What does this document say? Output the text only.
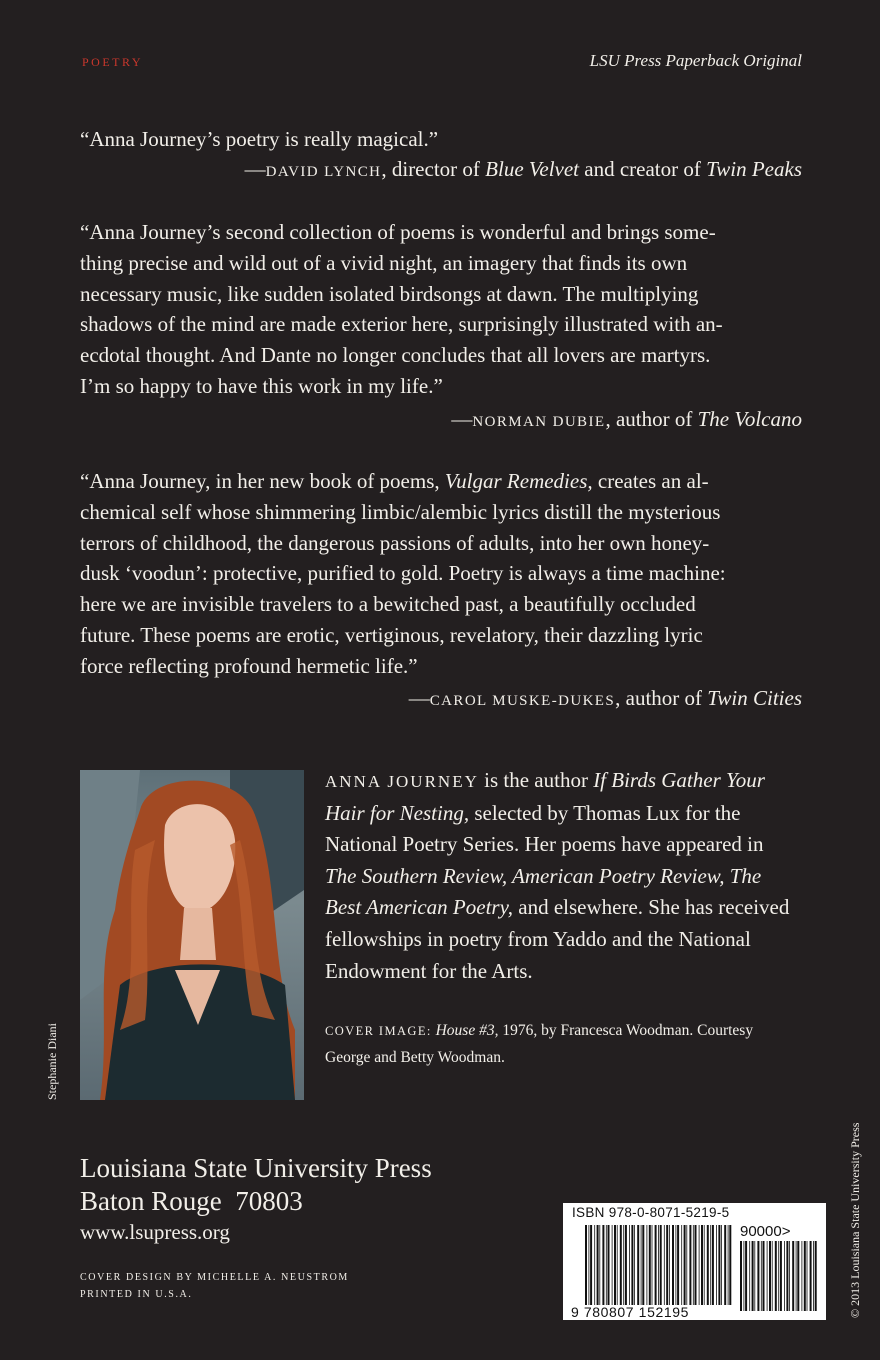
POETRY	LSU Press Paperback Original

“Anna Journey’s poetry is really magical.”

—DAVID LYNCH, director of Blue Velvet and creator of Twin Peaks
“Anna Journey’s second collection of poems is wonderful and brings some-
thing precise and wild out of a vivid night, an imagery that finds its own
necessary music, like sudden isolated birdsongs at dawn. The multiplying
shadows of the mind are made exterior here, surprisingly illustrated with an-
ecdotal thought. And Dante no longer concludes that all lovers are martyrs.
I’m so happy to have this work in my life.”
—NORMAN DUBIE, author of The Volcano
“Anna Journey, in her new book of poems, Vulgar Remedies, creates an al-
chemical self whose shimmering limbic/alembic lyrics distill the mysterious
terrors of childhood, the dangerous passions of adults, into her own honey-
dusk ‘voodun’: protective, purified to gold. Poetry is always a time machine:
here we are invisible travelers to a bewitched past, a beautifully occluded
future. These poems are erotic, vertiginous, revelatory, their dazzling lyric
force reflecting profound hermetic life.”
—CAROL MUSKE-DUKES, author of Twin Cities
Stephanie Diani

ANNA JOURNEY is the author If Birds Gather Your Hair for Nesting, selected by Thomas Lux for the National Poetry Series. Her poems have appeared in The Southern Review, American Poetry Review, The Best American Poetry, and elsewhere. She has received fellowships in poetry from Yaddo and the National Endowment for the Arts.

COVER IMAGE: House #3, 1976, by Francesca Woodman. Courtesy George and Betty Woodman.

Louisiana State University Press
Baton Rouge  70803
www.lsupress.org
COVER DESIGN BY MICHELLE A. NEUSTROM
PRINTED IN U.S.A.	© 2013 Louisiana State University Press
ISBN 978-0-8071-5219-5
90000>
9 780807 152195
